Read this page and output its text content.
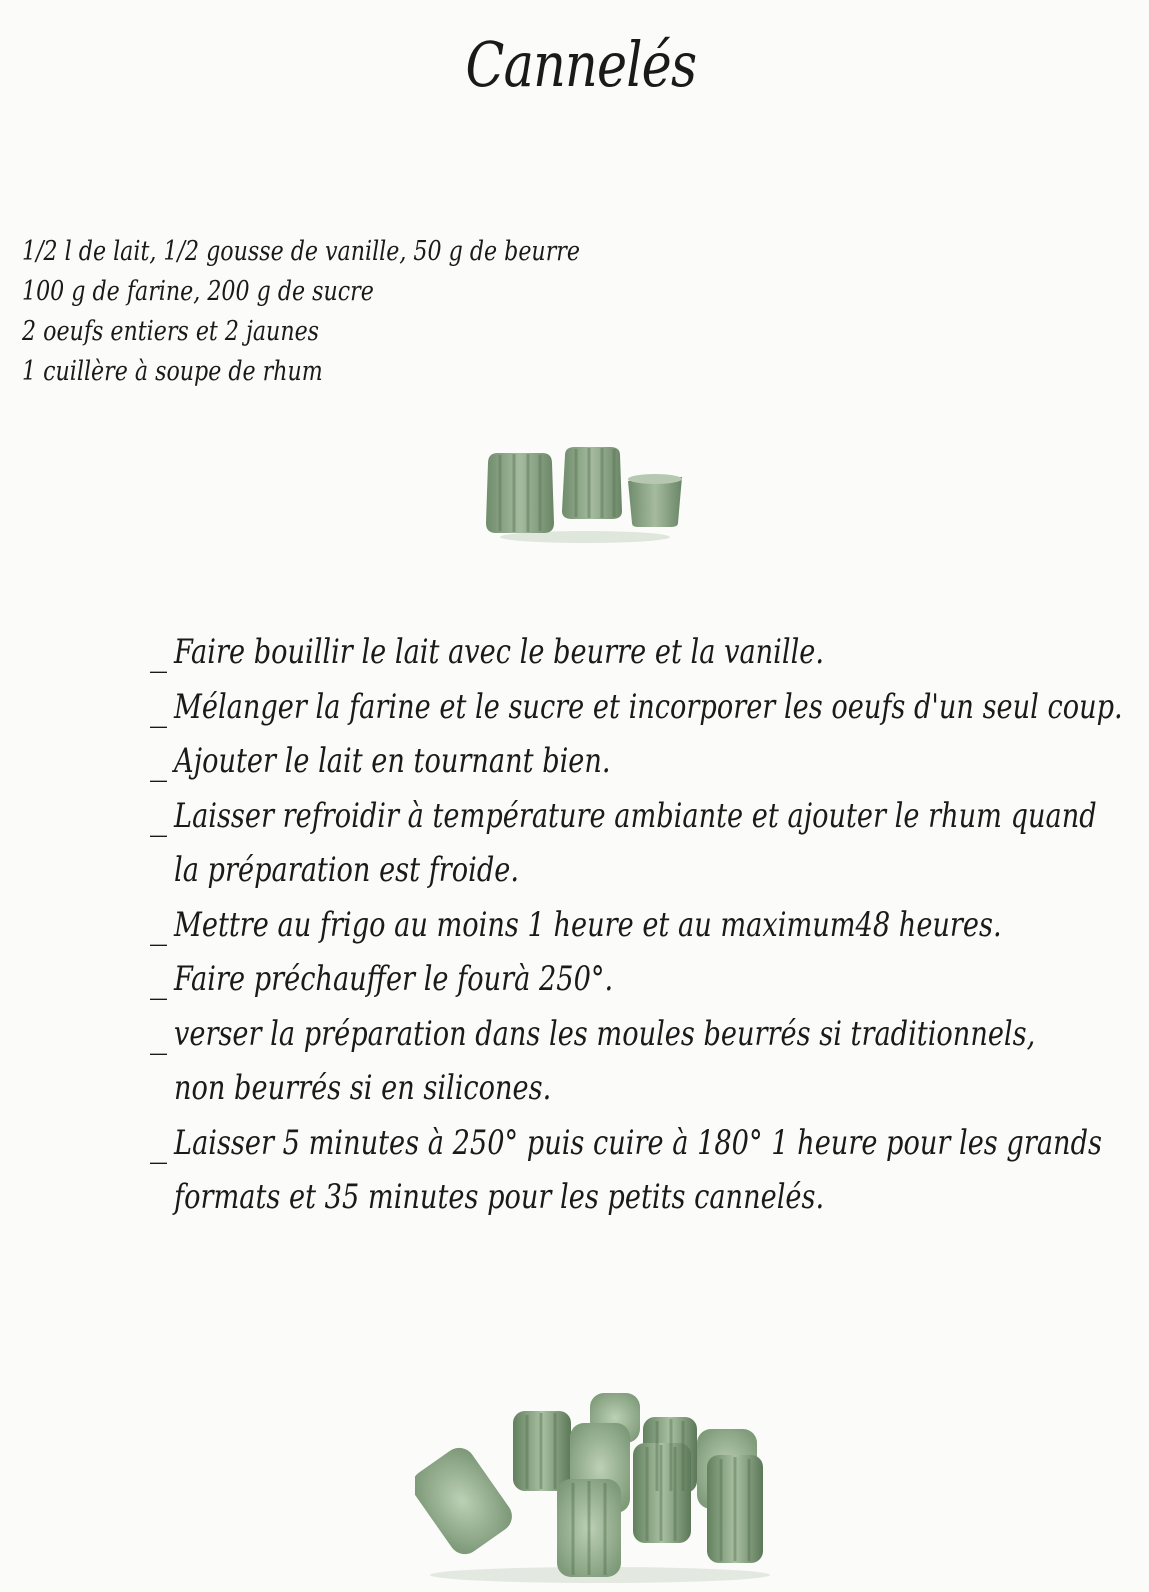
Cannelés
1/2 l de lait, 1/2 gousse de vanille, 50 g de beurre
100 g de farine, 200 g de sucre
2 oeufs entiers et 2 jaunes
1 cuillère à soupe de rhum
_ Faire bouillir le lait avec le beurre et la vanille.
_ Mélanger la farine et le sucre et incorporer les oeufs d'un seul coup.
_ Ajouter le lait en tournant bien.
_ Laisser refroidir à température ambiante et ajouter le rhum quand
la préparation est froide.
_ Mettre au frigo au moins 1 heure et au maximum48 heures.
_ Faire préchauffer le fourà 250°.
_ verser la préparation dans les moules beurrés si traditionnels,
non beurrés si en silicones.
_ Laisser 5 minutes à 250° puis cuire à 180° 1 heure pour les grands
formats et 35 minutes pour les petits cannelés.
